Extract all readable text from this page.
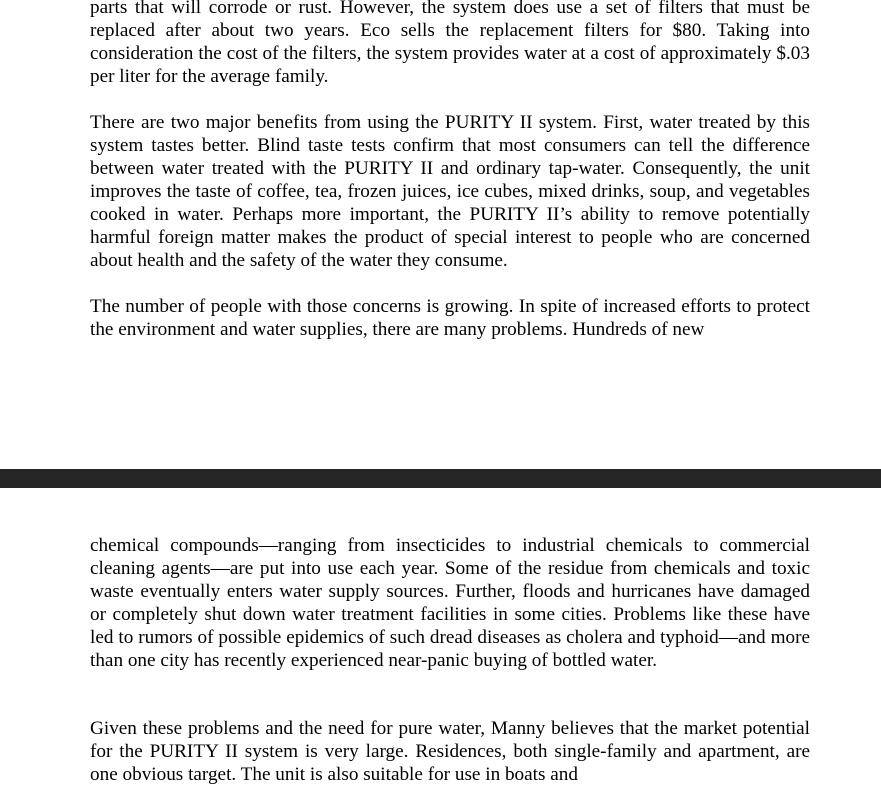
parts that will corrode or rust. However, the system does use a set of filters that must be replaced after about two years. Eco sells the replacement filters for $80. Taking into consideration the cost of the filters, the system provides water at a cost of approximately $.03 per liter for the average family.

There are two major benefits from using the PURITY II system. First, water treated by this system tastes better. Blind taste tests confirm that most consumers can tell the difference between water treated with the PURITY II and ordinary tap-water. Consequently, the unit improves the taste of coffee, tea, frozen juices, ice cubes, mixed drinks, soup, and vegetables cooked in water. Perhaps more important, the PURITY II’s ability to remove potentially harmful foreign matter makes the product of special interest to people who are concerned about health and the safety of the water they consume.

The number of people with those concerns is growing. In spite of increased efforts to protect the environment and water supplies, there are many problems. Hundreds of new

chemical compounds—ranging from insecticides to industrial chemicals to commercial cleaning agents—are put into use each year. Some of the residue from chemicals and toxic waste eventually enters water supply sources. Further, floods and hurricanes have damaged or completely shut down water treatment facilities in some cities. Problems like these have led to rumors of possible epidemics of such dread diseases as cholera and typhoid—and more than one city has recently experienced near-panic buying of bottled water.

Given these problems and the need for pure water, Manny believes that the market potential for the PURITY II system is very large. Residences, both single-family and apartment, are one obvious target. The unit is also suitable for use in boats and
